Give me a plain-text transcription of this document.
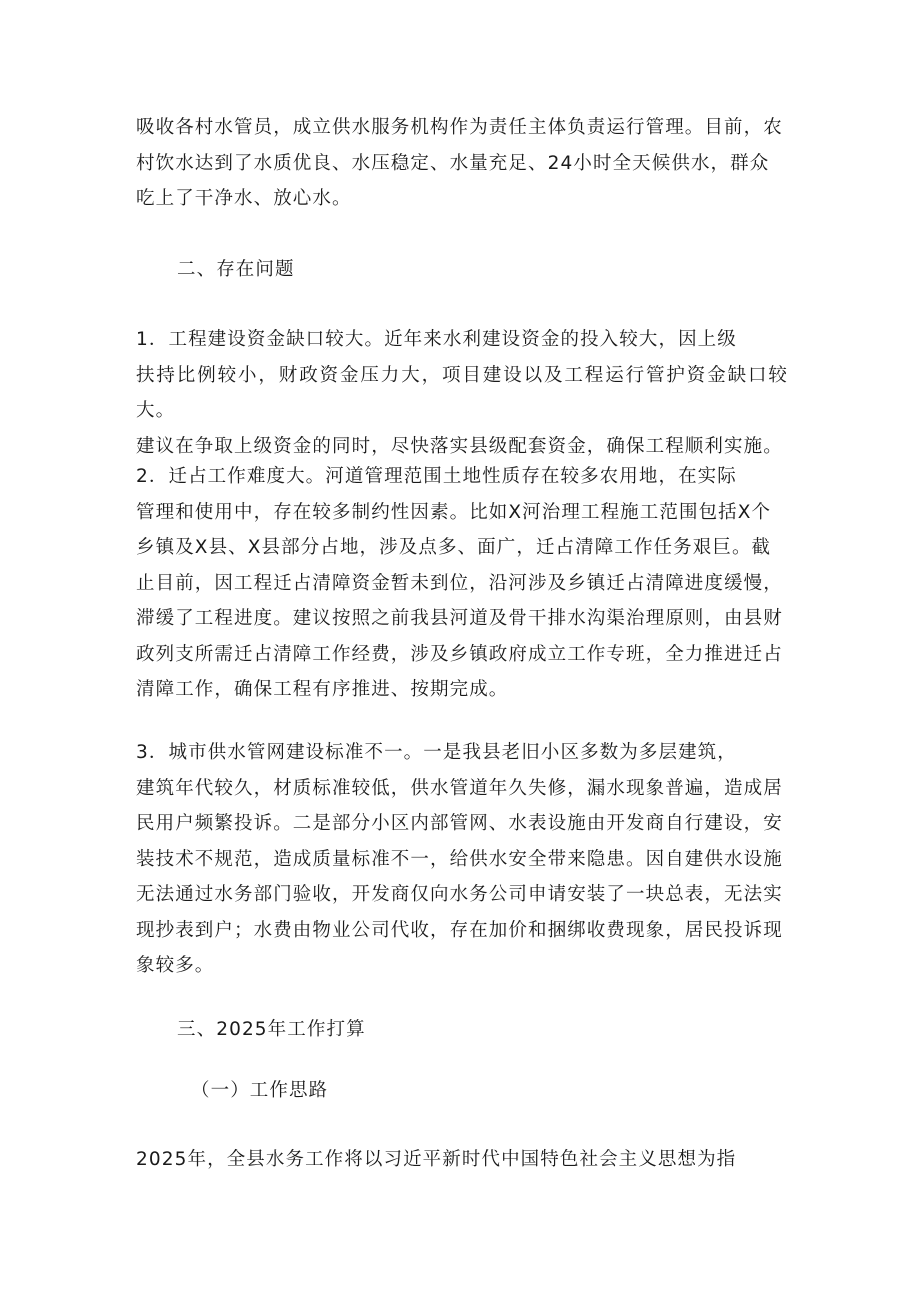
吸收各村水管员，成立供水服务机构作为责任主体负责运行管理。目前，农
村饮水达到了水质优良、水压稳定、水量充足、24小时全天候供水，群众
吃上了干净水、放心水。

二、存在问题

1．工程建设资金缺口较大。近年来水利建设资金的投入较大，因上级
扶持比例较小，财政资金压力大，项目建设以及工程运行管护资金缺口较大。
建议在争取上级资金的同时，尽快落实县级配套资金，确保工程顺利实施。

2．迁占工作难度大。河道管理范围土地性质存在较多农用地，在实际
管理和使用中，存在较多制约性因素。比如X河治理工程施工范围包括X个
乡镇及X县、X县部分占地，涉及点多、面广，迁占清障工作任务艰巨。截
止目前，因工程迁占清障资金暂未到位，沿河涉及乡镇迁占清障进度缓慢，
滞缓了工程进度。建议按照之前我县河道及骨干排水沟渠治理原则，由县财
政列支所需迁占清障工作经费，涉及乡镇政府成立工作专班，全力推进迁占
清障工作，确保工程有序推进、按期完成。

3．城市供水管网建设标准不一。一是我县老旧小区多数为多层建筑，
建筑年代较久，材质标准较低，供水管道年久失修，漏水现象普遍，造成居
民用户频繁投诉。二是部分小区内部管网、水表设施由开发商自行建设，安
装技术不规范，造成质量标准不一，给供水安全带来隐患。因自建供水设施
无法通过水务部门验收，开发商仅向水务公司申请安装了一块总表，无法实
现抄表到户；水费由物业公司代收，存在加价和捆绑收费现象，居民投诉现
象较多。

三、2025年工作打算

（一）工作思路

2025年，全县水务工作将以习近平新时代中国特色社会主义思想为指
